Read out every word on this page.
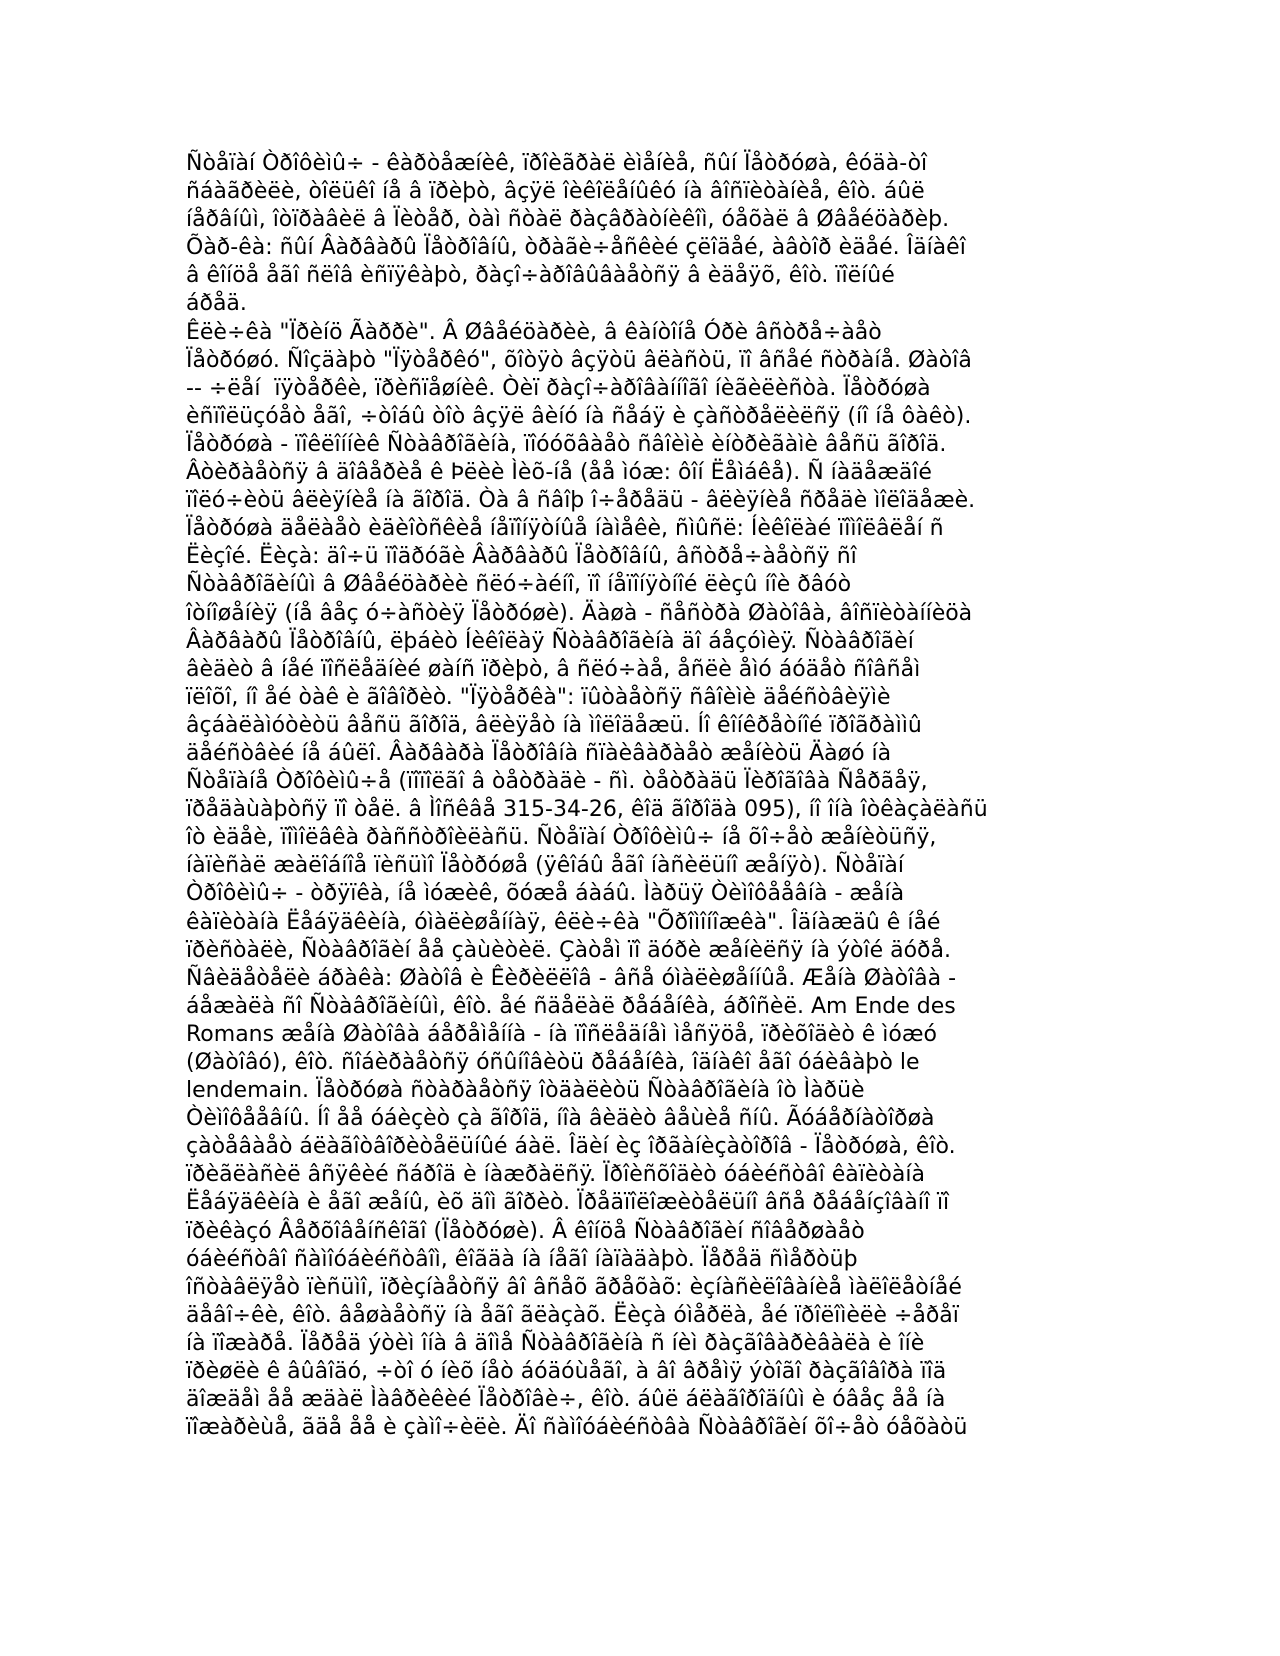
Ñòåïàí Òðîôèìû÷ - êàðòåæíèê, ïðîèãðàë èìåíèå, ñûí Ïåòðóøà, êóäà-òî
ñáàãðèëè, òîëüêî íå â ïðèþò, âçÿë îèêîëåíûêó íà âîñïèòàíèå, êîò. áûë
íåðâíûì, îòïðàâèë â Ïèòåð, òàì ñòàë ðàçâðàòíèêîì, óåõàë â Øâåéöàðèþ.
Õàð-êà: ñûí Âàðâàðû Ïåòðîâíû, òðàãè÷åñêèé çëîäåé, àâòîð èäåé. Îäíàêî
â êîíöå åãî ñëîâ èñïÿêàþò, ðàçî÷àðîâûâàåòñÿ â èäåÿõ, êîò. ïîëíûé
áðåä.
Êëè÷êà "Ïðèíö Ãàððè". Â Øâåéöàðèè, â êàíòîíå Óðè âñòðå÷àåò
Ïåòðóøó. Ñîçäàþò "Ïÿòåðêó", õîòÿò âçÿòü âëàñòü, ïî âñåé ñòðàíå. Øàòîâ
-- ÷ëåí  ïÿòåðêè, ïðèñïåøíèê. Òèï ðàçî÷àðîâàííîãî íèãèëèñòà. Ïåòðóøà
èñïîëüçóåò åãî, ÷òîáû òîò âçÿë âèíó íà ñåáÿ è çàñòðåëèëñÿ (íî íå ôàêò).
Ïåòðóøà - ïîêëîííèê Ñòàâðîãèíà, ïîóóõâàåò ñâîèìè èíòðèãàìè âåñü ãîðîä.
Âòèðàåòñÿ â äîâåðèå ê Þëèè Ìèõ-íå (åå ìóæ: ôîí Ëåìáêå). Ñ íàäåæäîé
ïîëó÷èòü âëèÿíèå íà ãîðîä. Òà â ñâîþ î÷åðåäü - âëèÿíèå ñðåäè ìîëîäåæè.
Ïåòðóøà äåëàåò èäèîòñêèå íåïîíÿòíûå íàìåêè, ñìûñë: Íèêîëàé ïîìîëâëåí ñ
Ëèçîé. Ëèçà: äî÷ü ïîäðóãè Âàðâàðû Ïåòðîâíû, âñòðå÷àåòñÿ ñî
Ñòàâðîãèíûì â Øâåéöàðèè ñëó÷àéíî, ïî íåïîíÿòíîé ëèçû íîè ðâóò
îòíîøåíèÿ (íå âåç ó÷àñòèÿ Ïåòðóøè). Äàøà - ñåñòðà Øàòîâà, âîñïèòàííèöà
Âàðâàðû Ïåòðîâíû, ëþáèò Íèêîëàÿ Ñòàâðîãèíà äî áåçóìèÿ. Ñòàâðîãèí
âèäèò â íåé ïîñëåäíèé øàíñ ïðèþò, â ñëó÷àå, åñëè åìó áóäåò ñîâñåì
ïëîõî, íî åé òàê è ãîâîðèò. "Ïÿòåðêà": ïûòàåòñÿ ñâîèìè äåéñòâèÿìè
âçáàëàìóòèòü âåñü ãîðîä, âëèÿåò íà ìîëîäåæü. Íî êîíêðåòíîé ïðîãðàììû
äåéñòâèé íå áûëî. Âàðâàðà Ïåòðîâíà ñïàèâàðàåò æåíèòü Äàøó íà
Ñòåïàíå Òðîôèìû÷å (ïîïîëãî â òåòðàäè - ñì. òåòðàäü Ïèðîãîâà Ñåðãåÿ,
ïðåäàùàþòñÿ ïî òåë. â Ìîñêâå 315-34-26, êîä ãîðîäà 095), íî îíà îòêàçàëàñü
îò èäåè, ïîìîëâêà ðàññòðîèëàñü. Ñòåïàí Òðîôèìû÷ íå õî÷åò æåíèòüñÿ,
íàïèñàë æàëîáíîå ïèñüìî Ïåòðóøå (ÿêîáû åãî íàñèëüíî æåíÿò). Ñòåïàí
Òðîôèìû÷ - òðÿïêà, íå ìóæèê, õóæå áàáû. Ìàðüÿ Òèìîôååâíà - æåíà
êàïèòàíà Ëåáÿäêèíà, óìàëèøåííàÿ, êëè÷êà "Õðîìîíîæêà". Îäíàæäû ê íåé
ïðèñòàëè, Ñòàâðîãèí åå çàùèòèë. Çàòåì ïî äóðè æåíèëñÿ íà ýòîé äóðå.
Ñâèäåòåëè áðàêà: Øàòîâ è Êèðèëëîâ - âñå óìàëèøåííûå. Æåíà Øàòîâà -
áåæàëà ñî Ñòàâðîãèíûì, êîò. åé ñäåëàë ðåáåíêà, áðîñèë. Am Ende des
Romans æåíà Øàòîâà áåðåìåííà - íà ïîñëåäíåì ìåñÿöå, ïðèõîäèò ê ìóæó
(Øàòîâó), êîò. ñîáèðàåòñÿ óñûíîâèòü ðåáåíêà, îäíàêî åãî óáèâàþò le
lendemain. Ïåòðóøà ñòàðàåòñÿ îòäàëèòü Ñòàâðîãèíà îò Ìàðüè
Òèìîôååâíû. Íî åå óáèçèò çà ãîðîä, íîà âèäèò âåùèå ñíû. Ãóáåðíàòîðøà
çàòåâàåò áëàãîòâîðèòåëüíûé áàë. Îäèí èç îðãàíèçàòîðîâ - Ïåòðóøà, êîò.
ïðèãëàñèë âñÿêèé ñáðîä è íàæðàëñÿ. Ïðîèñõîäèò óáèéñòâî êàïèòàíà
Ëåáÿäêèíà è åãî æåíû, èõ äîì ãîðèò. Ïðåäïîëîæèòåëüíî âñå ðåáåíçîâàíî ïî
ïðèêàçó Âåðõîâåíñêîãî (Ïåòðóøè). Â êîíöå Ñòàâðîãèí ñîâåðøàåò
óáèéñòâî ñàìîóáèéñòâîì, êîãäà íà íåãî íàïàäàþò. Ïåðåä ñìåðòüþ
îñòàâëÿåò ïèñüìî, ïðèçíàåòñÿ âî âñåõ ãðåõàõ: èçíàñèëîâàíèå ìàëîëåòíåé
äåâî÷êè, êîò. âåøàåòñÿ íà åãî ãëàçàõ. Ëèçà óìåðëà, åé ïðîëîìèëè ÷åðåï
íà ïîæàðå. Ïåðåä ýòèì îíà â äîìå Ñòàâðîãèíà ñ íèì ðàçãîâàðèâàëà è îíè
ïðèøëè ê âûâîäó, ÷òî ó íèõ íåò áóäóùåãî, à âî âðåìÿ ýòîãî ðàçãîâîðà ïîä
äîæäåì åå æäàë Ìàâðèêèé Ïåòðîâè÷, êîò. áûë áëàãîðîäíûì è óâåç åå íà
ïîæàðèùå, ãäå åå è çàìî÷èëè. Äî ñàìîóáèéñòâà Ñòàâðîãèí õî÷åò óåõàòü
